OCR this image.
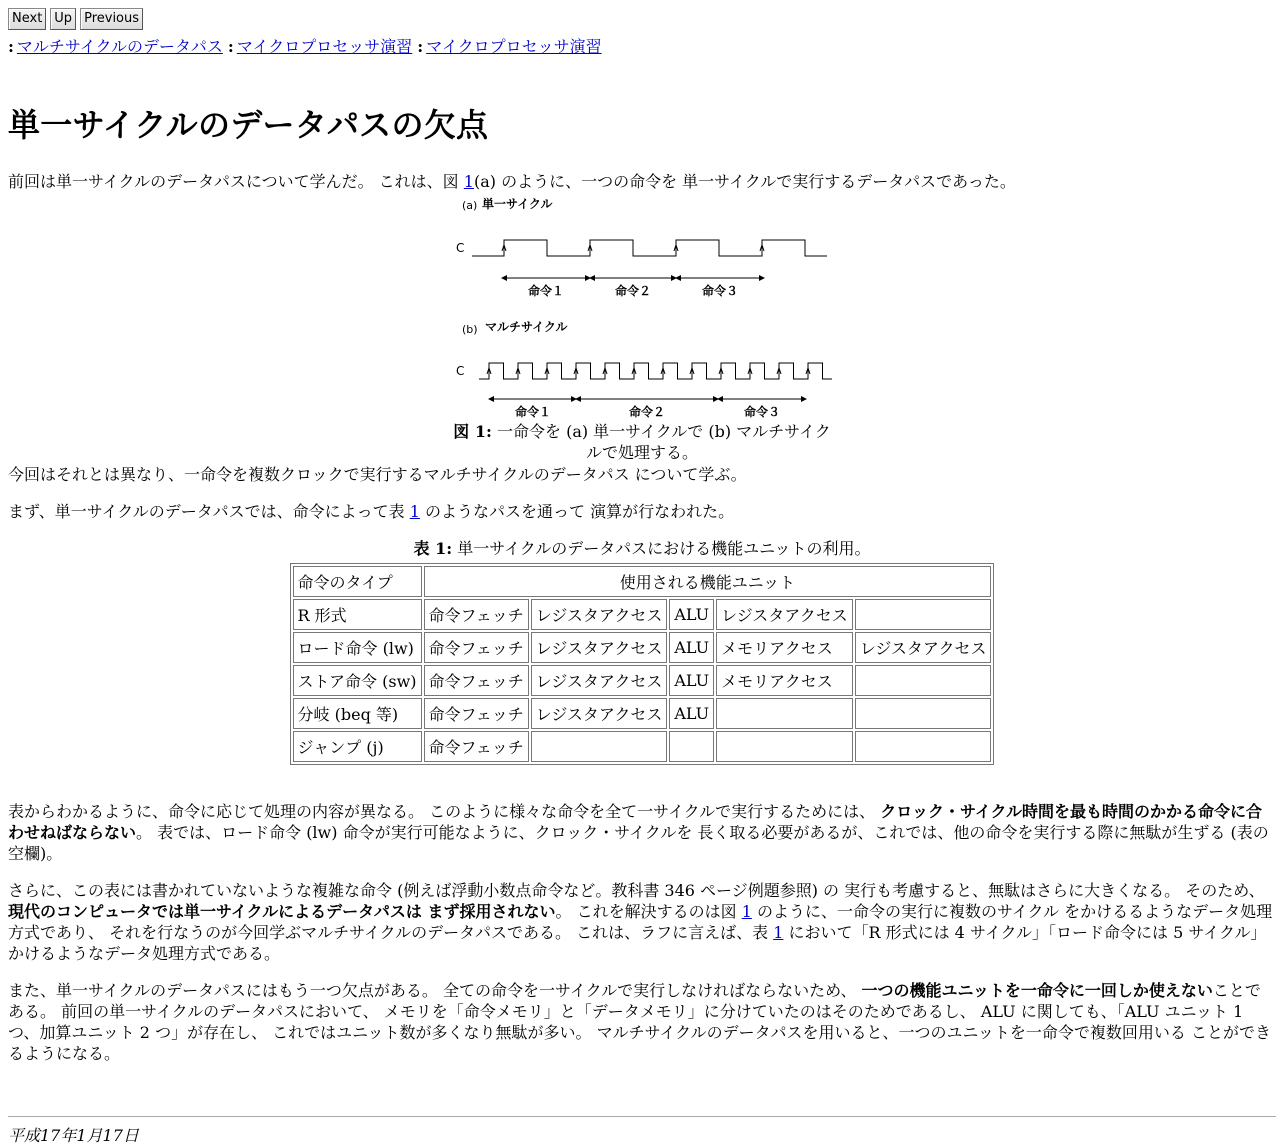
Next Up Previous
: マルチサイクルのデータパス : マイクロプロセッサ演習 : マイクロプロセッサ演習
単一サイクルのデータパスの欠点

前回は単一サイクルのデータパスについて学んだ。 これは、図 1(a) のように、一つの命令を 単一サイクルで実行するデータパスであった。

(a) 単一サイクル
C
命令１	命令２	命令３
(b) マルチサイクル
C
命令１	命令２	命令３
図 1: 一命令を (a) 単一サイクルで (b) マルチサイクルで処理する。

今回はそれとは異なり、一命令を複数クロックで実行するマルチサイクルのデータパス について学ぶ。

まず、単一サイクルのデータパスでは、命令によって表 1 のようなパスを通って 演算が行なわれた。

表 1: 単一サイクルのデータパスにおける機能ユニットの利用。
命令のタイプ	使用される機能ユニット				
R 形式	命令フェッチ	レジスタアクセス	ALU	レジスタアクセス	
ロード命令 (lw)	命令フェッチ	レジスタアクセス	ALU	メモリアクセス	レジスタアクセス
ストア命令 (sw)	命令フェッチ	レジスタアクセス	ALU	メモリアクセス	
分岐 (beq 等)	命令フェッチ	レジスタアクセス	ALU		
ジャンプ (j)	命令フェッチ				

表からわかるように、命令に応じて処理の内容が異なる。 このように様々な命令を全て一サイクルで実行するためには、 クロック・サイクル時間を最も時間のかかる命令に合わせねばならない。 表では、ロード命令 (lw) 命令が実行可能なように、クロック・サイクルを 長く取る必要があるが、これでは、他の命令を実行する際に無駄が生ずる (表の空欄)。

さらに、この表には書かれていないような複雑な命令 (例えば浮動小数点命令など。教科書 346 ページ例題参照) の 実行も考慮すると、無駄はさらに大きくなる。 そのため、現代のコンピュータでは単一サイクルによるデータパスは まず採用されない。 これを解決するのは図 1 のように、一命令の実行に複数のサイクル をかけるるようなデータ処理方式であり、 それを行なうのが今回学ぶマルチサイクルのデータパスである。 これは、ラフに言えば、表 1 において「R 形式には 4 サイクル」「ロード命令には 5 サイクル」かけるようなデータ処理方式である。

また、単一サイクルのデータパスにはもう一つ欠点がある。 全ての命令を一サイクルで実行しなければならないため、 一つの機能ユニットを一命令に一回しか使えないことである。 前回の単一サイクルのデータパスにおいて、 メモリを「命令メモリ」と「データメモリ」に分けていたのはそのためであるし、 ALU に関しても、「ALU ユニット 1 つ、加算ユニット 2 つ」が存在し、 これではユニット数が多くなり無駄が多い。 マルチサイクルのデータパスを用いると、一つのユニットを一命令で複数回用いる ことができるようになる。

平成17年1月17日
